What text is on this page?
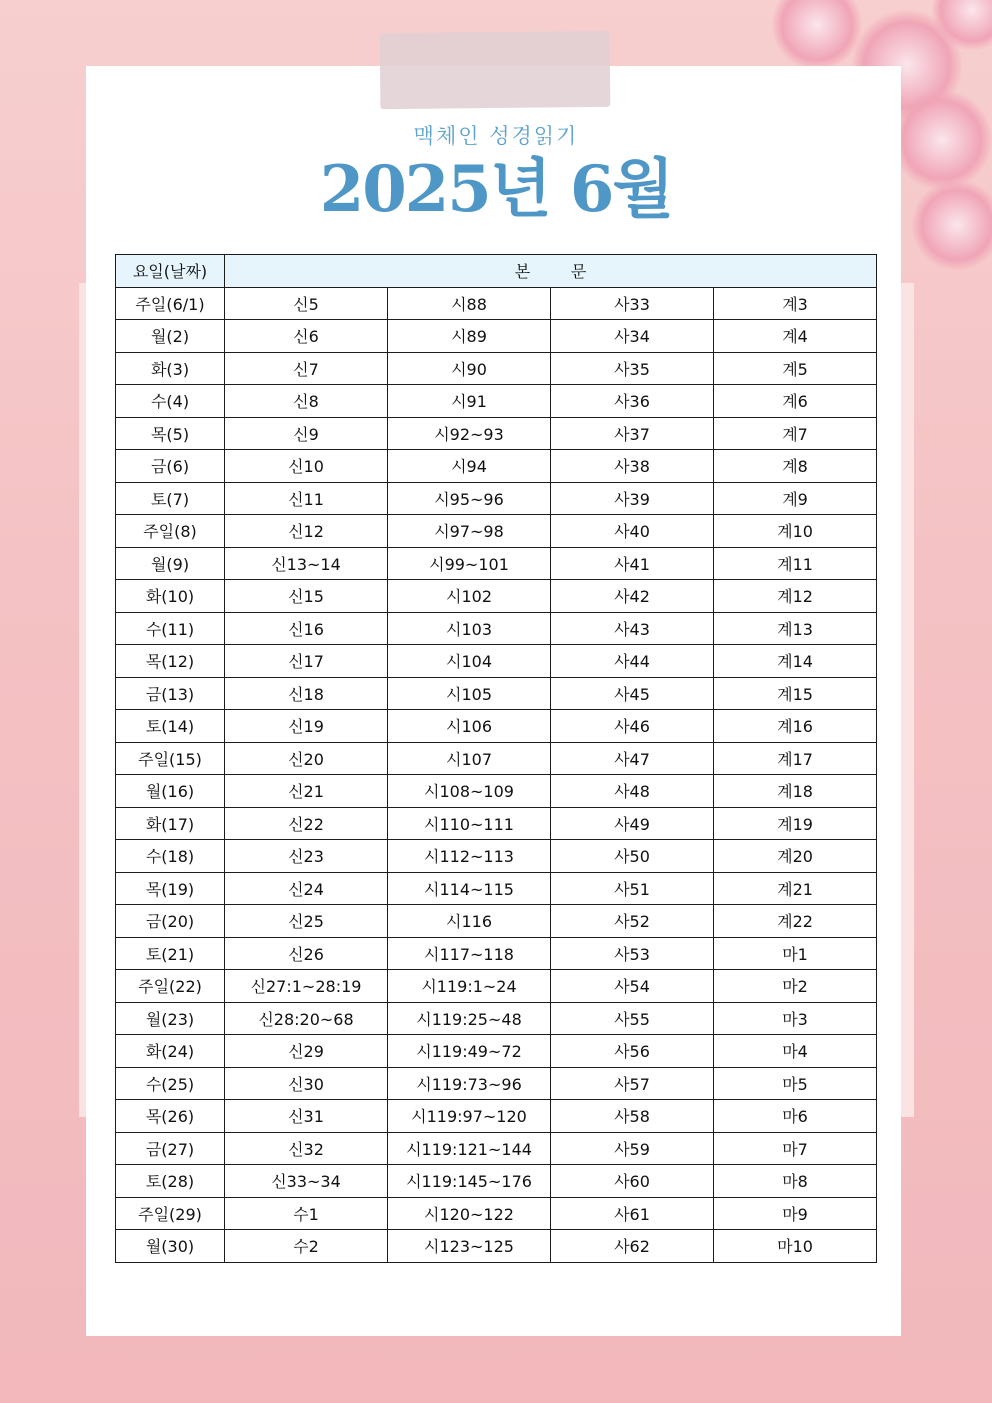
맥체인 성경읽기
2025년 6월
요일(날짜)	본        문			
주일(6/1)	신5	시88	사33	계3
월(2)	신6	시89	사34	계4
화(3)	신7	시90	사35	계5
수(4)	신8	시91	사36	계6
목(5)	신9	시92~93	사37	계7
금(6)	신10	시94	사38	계8
토(7)	신11	시95~96	사39	계9
주일(8)	신12	시97~98	사40	계10
월(9)	신13~14	시99~101	사41	계11
화(10)	신15	시102	사42	계12
수(11)	신16	시103	사43	계13
목(12)	신17	시104	사44	계14
금(13)	신18	시105	사45	계15
토(14)	신19	시106	사46	계16
주일(15)	신20	시107	사47	계17
월(16)	신21	시108~109	사48	계18
화(17)	신22	시110~111	사49	계19
수(18)	신23	시112~113	사50	계20
목(19)	신24	시114~115	사51	계21
금(20)	신25	시116	사52	계22
토(21)	신26	시117~118	사53	마1
주일(22)	신27:1~28:19	시119:1~24	사54	마2
월(23)	신28:20~68	시119:25~48	사55	마3
화(24)	신29	시119:49~72	사56	마4
수(25)	신30	시119:73~96	사57	마5
목(26)	신31	시119:97~120	사58	마6
금(27)	신32	시119:121~144	사59	마7
토(28)	신33~34	시119:145~176	사60	마8
주일(29)	수1	시120~122	사61	마9
월(30)	수2	시123~125	사62	마10
